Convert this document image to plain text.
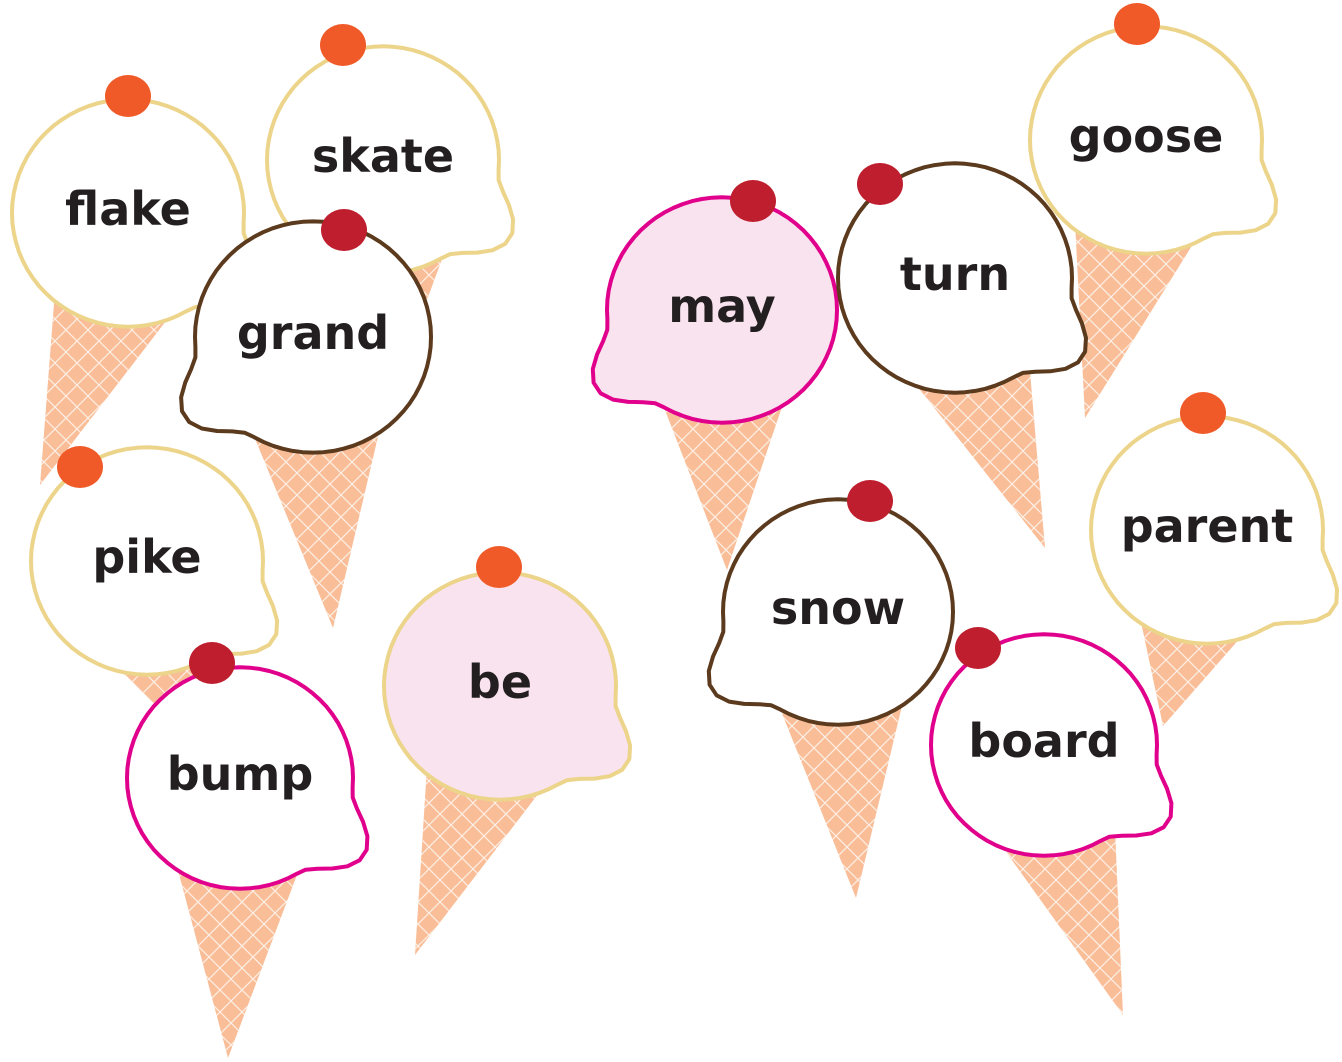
skate
flake
grand
pike
bump
be
may
goose
turn
parent
snow
board
